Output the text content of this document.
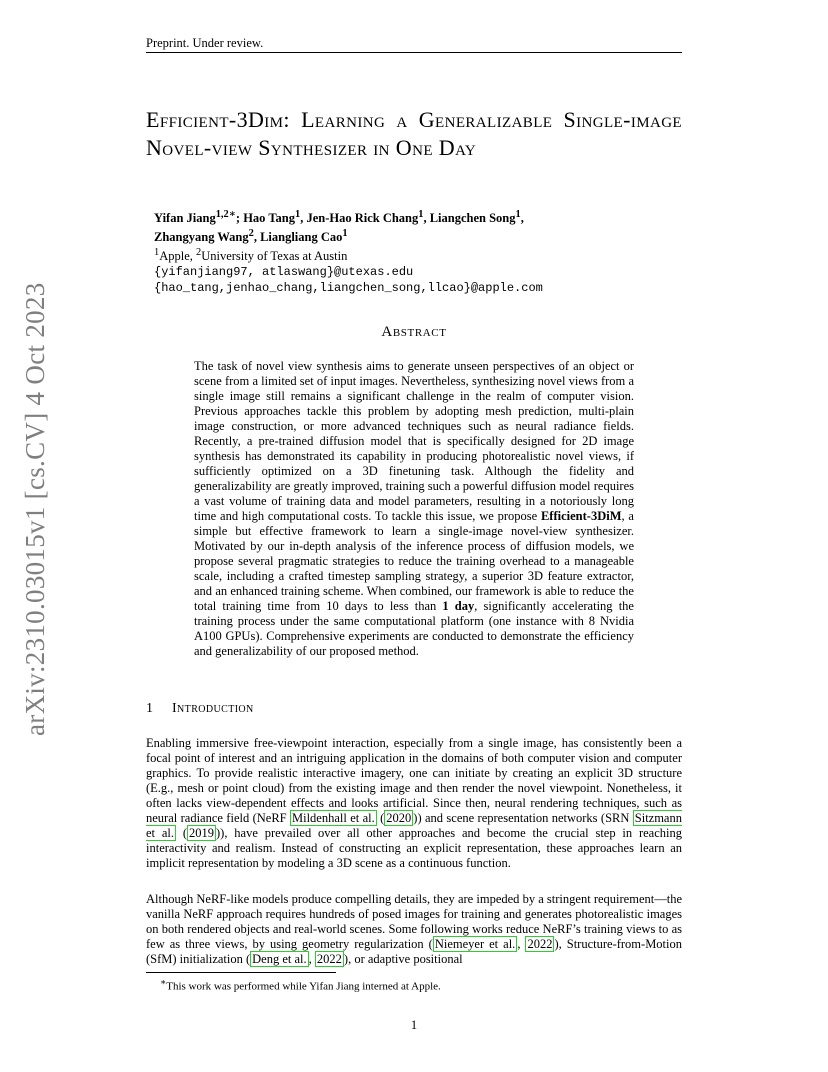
Preprint. Under review.
arXiv:2310.03015v1 [cs.CV] 4 Oct 2023
Efficient-3Dim: Learning a Generalizable Single-image Novel-view Synthesizer in One Day
Yifan Jiang$^{1,2∗}$; Hao Tang$^1$, Jen-Hao Rick Chang$^1$, Liangchen Song$^1$,
Zhangyang Wang$^2$, Liangliang Cao$^1$
$^1$Apple, $^2$University of Texas at Austin
{yifanjiang97, atlaswang}@utexas.edu
{hao_tang,jenhao_chang,liangchen_song,llcao}@apple.com
Abstract

The task of novel view synthesis aims to generate unseen perspectives of an object or scene from a limited set of input images. Nevertheless, synthesizing novel views from a single image still remains a significant challenge in the realm of computer vision. Previous approaches tackle this problem by adopting mesh prediction, multi-plain image construction, or more advanced techniques such as neural radiance fields. Recently, a pre-trained diffusion model that is specifically designed for 2D image synthesis has demonstrated its capability in producing photorealistic novel views, if sufficiently optimized on a 3D finetuning task. Although the fidelity and generalizability are greatly improved, training such a powerful diffusion model requires a vast volume of training data and model parameters, resulting in a notoriously long time and high computational costs. To tackle this issue, we propose Efficient-3DiM, a simple but effective framework to learn a single-image novel-view synthesizer. Motivated by our in-depth analysis of the inference process of diffusion models, we propose several pragmatic strategies to reduce the training overhead to a manageable scale, including a crafted timestep sampling strategy, a superior 3D feature extractor, and an enhanced training scheme. When combined, our framework is able to reduce the total training time from 10 days to less than 1 day, significantly accelerating the training process under the same computational platform (one instance with 8 Nvidia A100 GPUs). Comprehensive experiments are conducted to demonstrate the efficiency and generalizability of our proposed method.

1 Introduction

Enabling immersive free-viewpoint interaction, especially from a single image, has consistently been a focal point of interest and an intriguing application in the domains of both computer vision and computer graphics. To provide realistic interactive imagery, one can initiate by creating an explicit 3D structure (E.g., mesh or point cloud) from the existing image and then render the novel viewpoint. Nonetheless, it often lacks view-dependent effects and looks artificial. Since then, neural rendering techniques, such as neural radiance field (NeRF Mildenhall et al. ( 2020 )) and scene representation networks (SRN Sitzmann et al. ( 2019 )), have prevailed over all other approaches and become the crucial step in reaching interactivity and realism. Instead of constructing an explicit representation, these approaches learn an implicit representation by modeling a 3D scene as a continuous function.

Although NeRF-like models produce compelling details, they are impeded by a stringent requirement—the vanilla NeRF approach requires hundreds of posed images for training and generates photorealistic images on both rendered objects and real-world scenes. Some following works reduce NeRF’s training views to as few as three views, by using geometry regularization ( Niemeyer et al. , 2022 ), Structure-from-Motion (SfM) initialization ( Deng et al. , 2022 ), or adaptive positional

∗This work was performed while Yifan Jiang interned at Apple.
1
